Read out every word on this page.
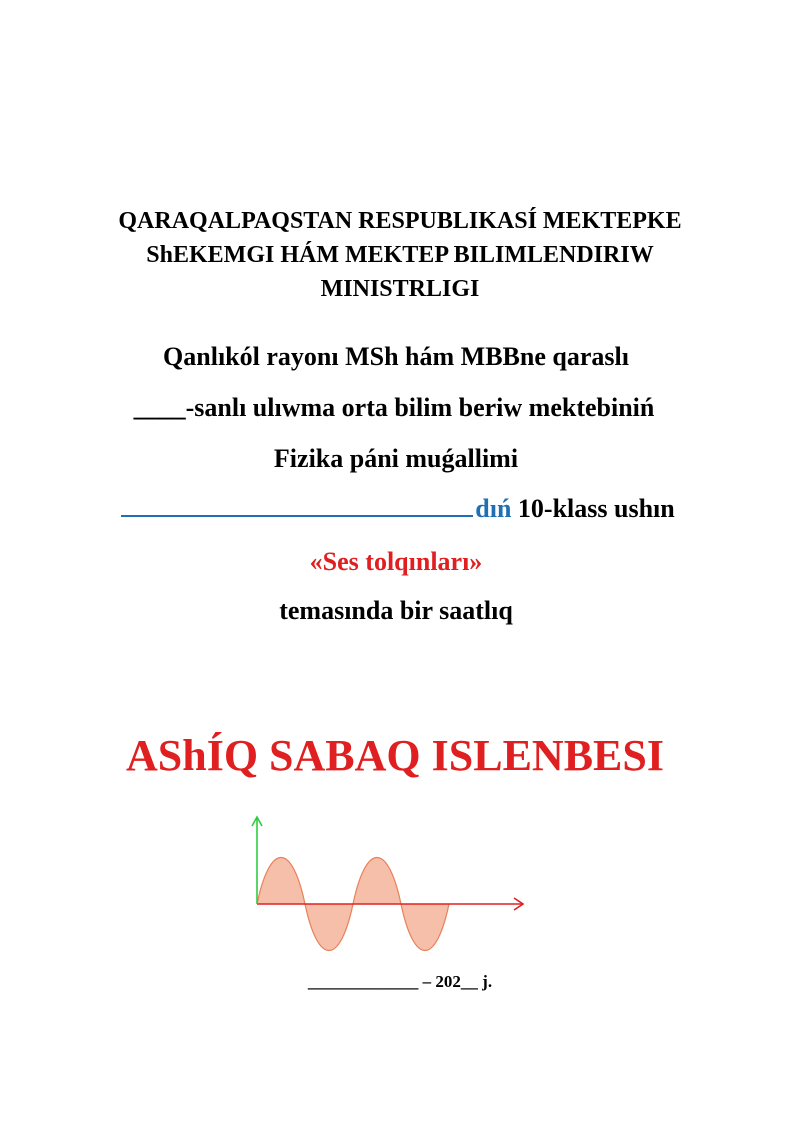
QARAQALPAQSTAN RESPUBLIKASÍ MEKTEPKE
ShEKEMGI HÁM MEKTEP BILIMLENDIRIW
MINISTRLIGI
Qanlıkól rayonı MSh hám MBBne qaraslı
____-sanlı ulıwma orta bilim beriw mektebiniń
Fizika páni muǵallimi
dıń 10-klass ushın
«Ses tolqınları»
temasında bir saatlıq
AShÍQ SABAQ ISLENBESI
_____________ – 202__ j.
